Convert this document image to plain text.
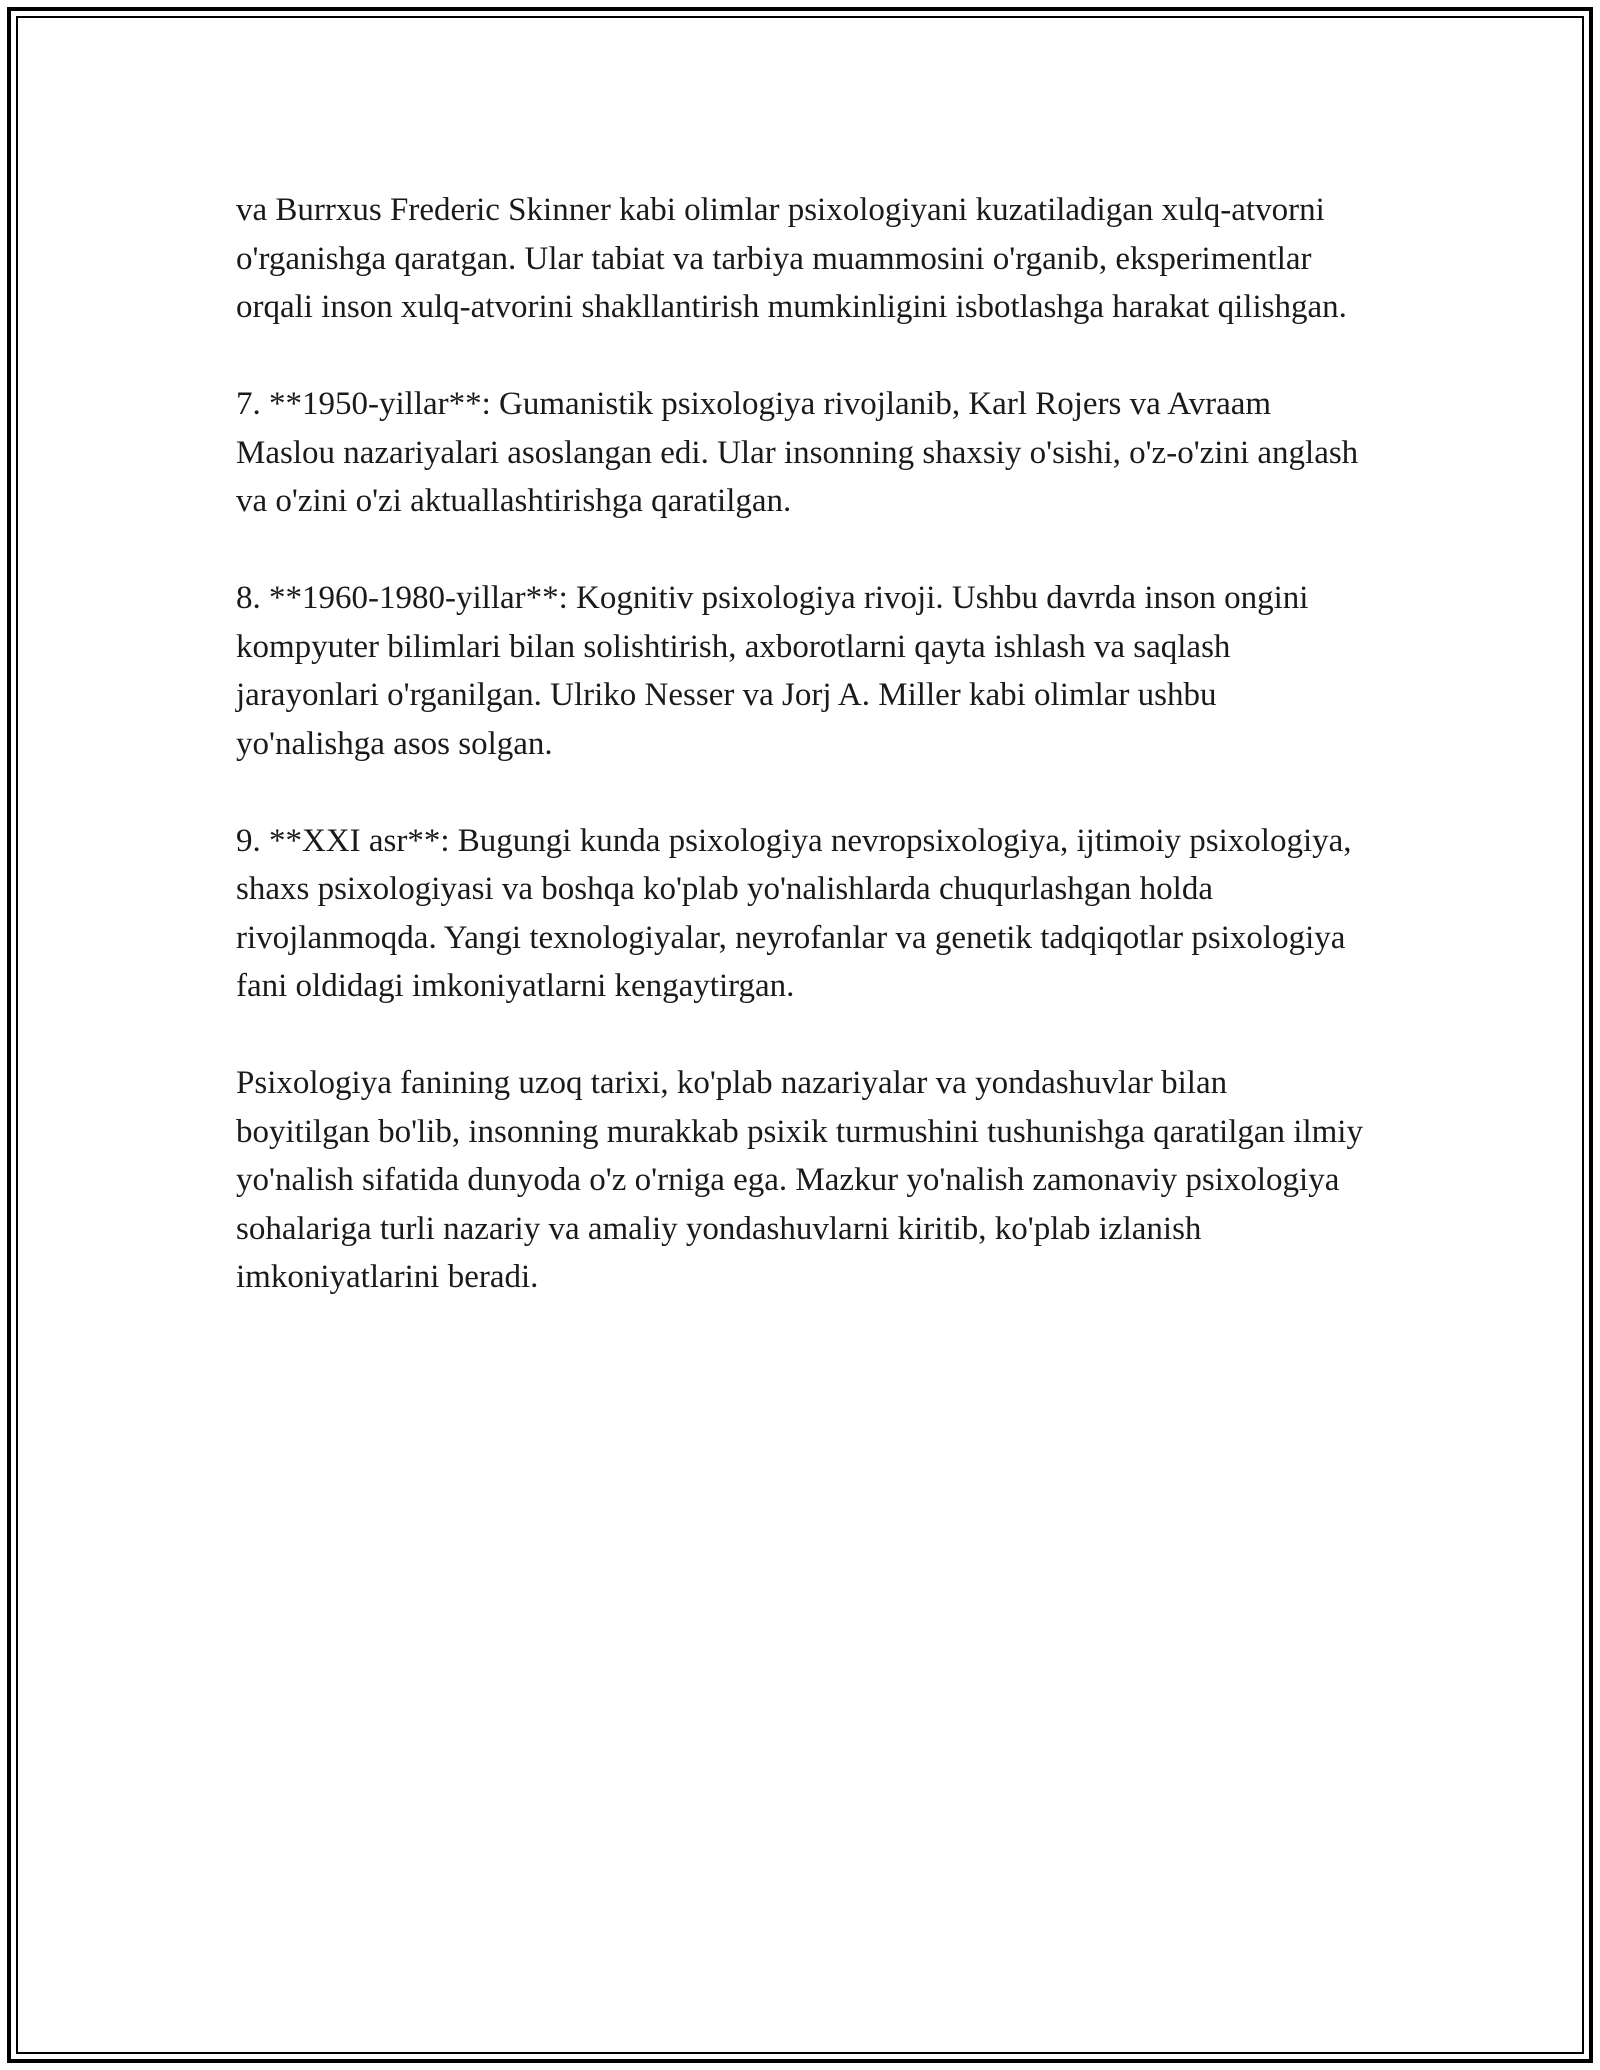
va Burrxus Frederic Skinner kabi olimlar psixologiyani kuzatiladigan xulq-atvorni o'rganishga qaratgan. Ular tabiat va tarbiya muammosini o'rganib, eksperimentlar orqali inson xulq-atvorini shakllantirish mumkinligini isbotlashga harakat qilishgan.

7. **1950-yillar**: Gumanistik psixologiya rivojlanib, Karl Rojers va Avraam Maslou nazariyalari asoslangan edi. Ular insonning shaxsiy o'sishi, o'z-o'zini anglash va o'zini o'zi aktuallashtirishga qaratilgan.

8. **1960-1980-yillar**: Kognitiv psixologiya rivoji. Ushbu davrda inson ongini kompyuter bilimlari bilan solishtirish, axborotlarni qayta ishlash va saqlash jarayonlari o'rganilgan. Ulriko Nesser va Jorj A. Miller kabi olimlar ushbu yo'nalishga asos solgan.

9. **XXI asr**: Bugungi kunda psixologiya nevropsixologiya, ijtimoiy psixologiya, shaxs psixologiyasi va boshqa ko'plab yo'nalishlarda chuqurlashgan holda rivojlanmoqda. Yangi texnologiyalar, neyrofanlar va genetik tadqiqotlar psixologiya fani oldidagi imkoniyatlarni kengaytirgan.

Psixologiya fanining uzoq tarixi, ko'plab nazariyalar va yondashuvlar bilan boyitilgan bo'lib, insonning murakkab psixik turmushini tushunishga qaratilgan ilmiy yo'nalish sifatida dunyoda o'z o'rniga ega. Mazkur yo'nalish zamonaviy psixologiya sohalariga turli nazariy va amaliy yondashuvlarni kiritib, ko'plab izlanish imkoniyatlarini beradi.
